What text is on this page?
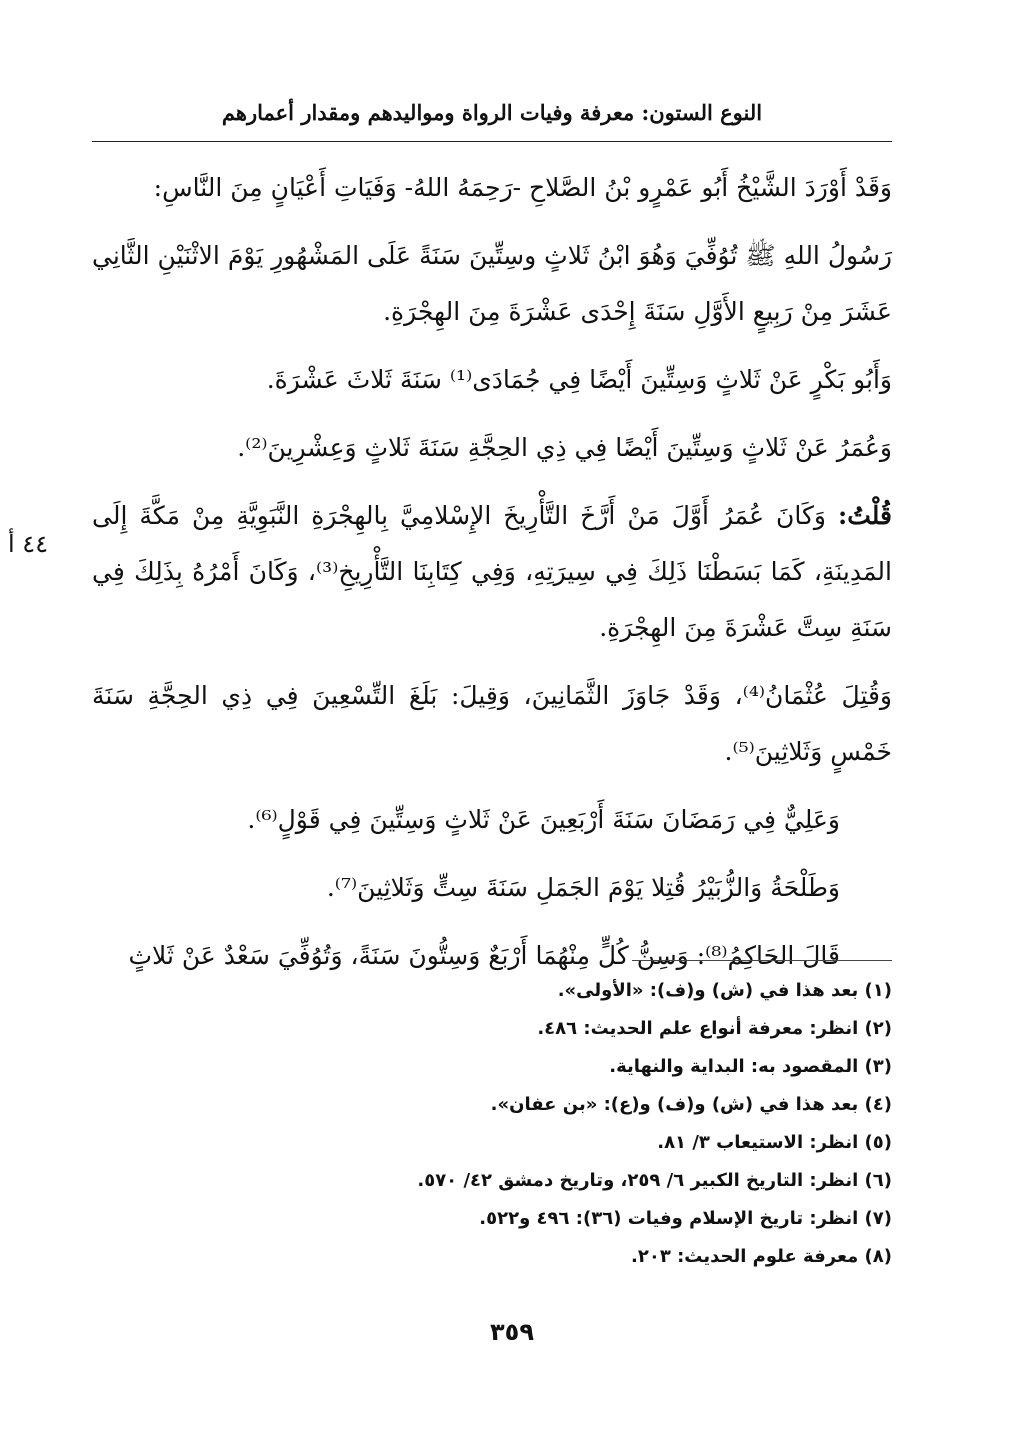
النوع الستون: معرفة وفيات الرواة ومواليدهم ومقدار أعمارهم

وَقَدْ أَوْرَدَ الشَّيْخُ أَبُو عَمْرٍو بْنُ الصَّلاحِ -رَحِمَهُ اللهُ- وَفَيَاتِ أَعْيَانٍ مِنَ النَّاسِ:

رَسُولُ اللهِ ﷺ تُوُفِّيَ وَهُوَ ابْنُ ثَلاثٍ وسِتِّينَ سَنَةً عَلَى المَشْهُورِ يَوْمَ الاثْنَيْنِ الثَّانِي عَشَرَ مِنْ رَبِيعٍ الأَوَّلِ سَنَةَ إِحْدَى عَشْرَةَ مِنَ الهِجْرَةِ.

وَأَبُو بَكْرٍ عَنْ ثَلاثٍ وَسِتِّينَ أَيْضًا فِي جُمَادَى⁽¹⁾ سَنَةَ ثَلاثَ عَشْرَةَ.

وَعُمَرُ عَنْ ثَلاثٍ وَسِتِّينَ أَيْضًا فِي ذِي الحِجَّةِ سَنَةَ ثَلاثٍ وَعِشْرِينَ⁽²⁾.

قُلْتُ: وَكَانَ عُمَرُ أَوَّلَ مَنْ أَرَّخَ التَّأْرِيخَ الإِسْلامِيَّ بِالهِجْرَةِ النَّبَوِيَّةِ مِنْ مَكَّةَ إِلَى المَدِينَةِ، كَمَا بَسَطْنَا ذَلِكَ فِي سِيرَتِهِ، وَفِي كِتَابِنَا التَّأْرِيخِ⁽³⁾، وَكَانَ أَمْرُهُ بِذَلِكَ فِي سَنَةِ سِتَّ عَشْرَةَ مِنَ الهِجْرَةِ.

وَقُتِلَ عُثْمَانُ⁽⁴⁾، وَقَدْ جَاوَزَ الثَّمَانِينَ، وَقِيلَ: بَلَغَ التِّسْعِينَ فِي ذِي الحِجَّةِ سَنَةَ خَمْسٍ وَثَلاثِينَ⁽⁵⁾.

وَعَلِيٌّ فِي رَمَضَانَ سَنَةَ أَرْبَعِينَ عَنْ ثَلاثٍ وَسِتِّينَ فِي قَوْلٍ⁽⁶⁾.

وَطَلْحَةُ وَالزُّبَيْرُ قُتِلا يَوْمَ الجَمَلِ سَنَةَ سِتٍّ وَثَلاثِينَ⁽⁷⁾.

قَالَ الحَاكِمُ⁽⁸⁾: وَسِنُّ كُلٍّ مِنْهُمَا أَرْبَعٌ وَسِتُّونَ سَنَةً، وَتُوُفِّيَ سَعْدٌ عَنْ ثَلاثٍ

٤٤ أ
(١) بعد هذا في (ش) و(ف): «الأولى».
(٢) انظر: معرفة أنواع علم الحديث: ٤٨٦.
(٣) المقصود به: البداية والنهاية.
(٤) بعد هذا في (ش) و(ف) و(ع): «بن عفان».
(٥) انظر: الاستيعاب ٣/ ٨١.
(٦) انظر: التاريخ الكبير ٦/ ٢٥٩، وتاريخ دمشق ٤٢/ ٥٧٠.
(٧) انظر: تاريخ الإسلام وفيات (٣٦): ٤٩٦ و٥٢٢.
(٨) معرفة علوم الحديث: ٢٠٣.
٣٥٩
